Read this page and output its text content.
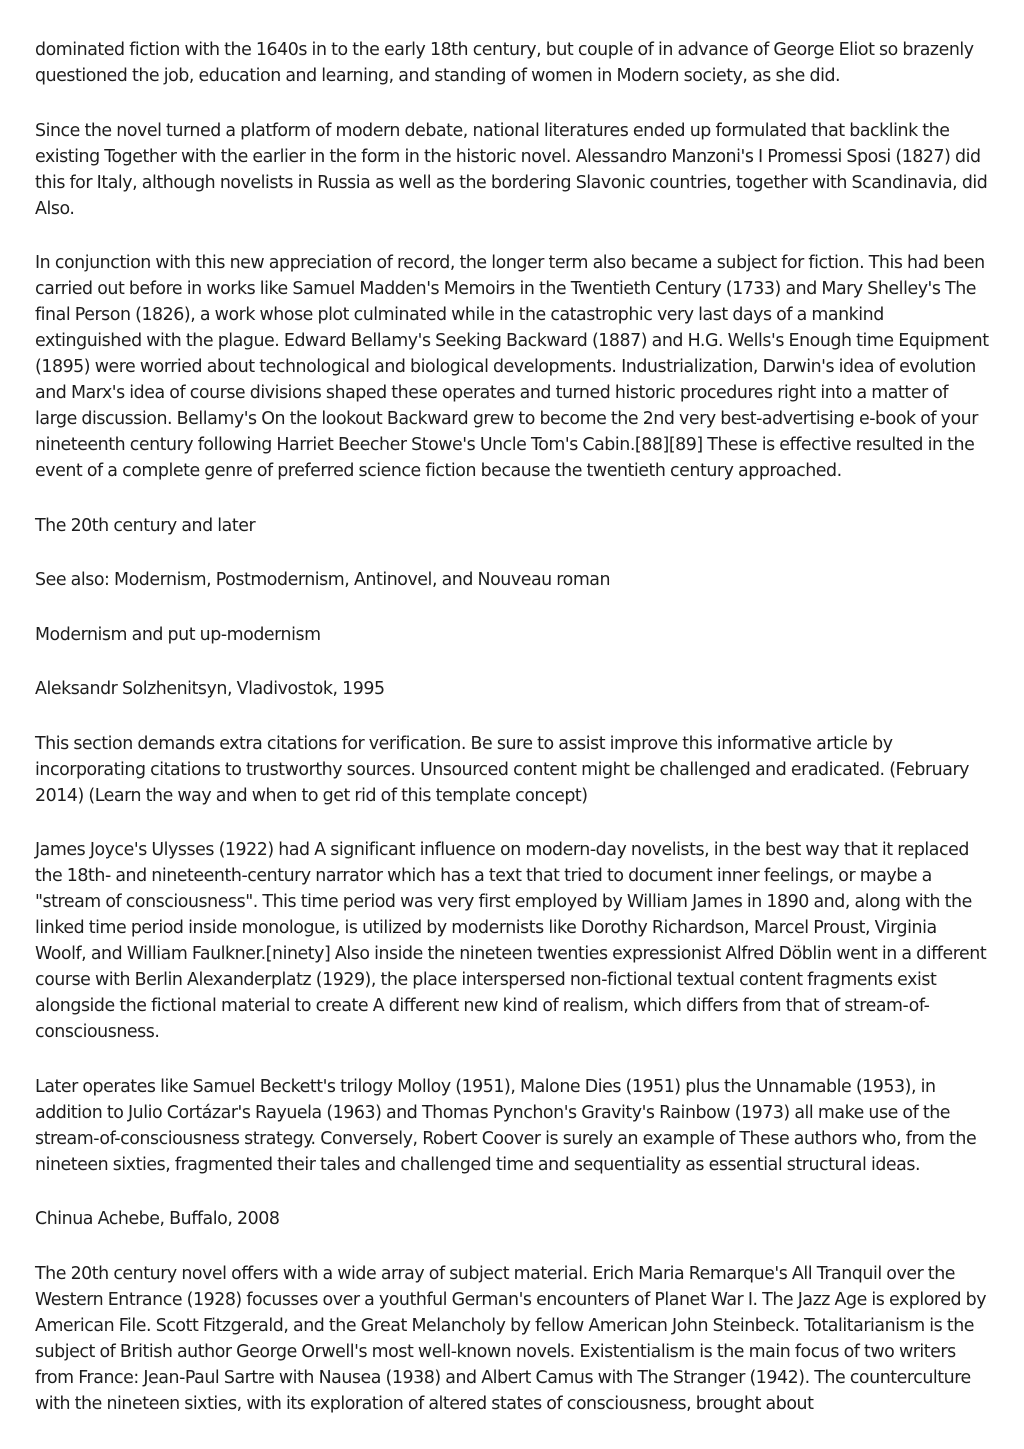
dominated fiction with the 1640s in to the early 18th century, but couple of in advance of George Eliot so brazenly questioned the job, education and learning, and standing of women in Modern society, as she did.

Since the novel turned a platform of modern debate, national literatures ended up formulated that backlink the existing Together with the earlier in the form in the historic novel. Alessandro Manzoni's I Promessi Sposi (1827) did this for Italy, although novelists in Russia as well as the bordering Slavonic countries, together with Scandinavia, did Also.

In conjunction with this new appreciation of record, the longer term also became a subject for fiction. This had been carried out before in works like Samuel Madden's Memoirs in the Twentieth Century (1733) and Mary Shelley's The final Person (1826), a work whose plot culminated while in the catastrophic very last days of a mankind extinguished with the plague. Edward Bellamy's Seeking Backward (1887) and H.G. Wells's Enough time Equipment (1895) were worried about technological and biological developments. Industrialization, Darwin's idea of evolution and Marx's idea of course divisions shaped these operates and turned historic procedures right into a matter of large discussion. Bellamy's On the lookout Backward grew to become the 2nd very best-advertising e-book of your nineteenth century following Harriet Beecher Stowe's Uncle Tom's Cabin.[88][89] These is effective resulted in the event of a complete genre of preferred science fiction because the twentieth century approached.

The 20th century and later

See also: Modernism, Postmodernism, Antinovel, and Nouveau roman

Modernism and put up-modernism

Aleksandr Solzhenitsyn, Vladivostok, 1995

This section demands extra citations for verification. Be sure to assist improve this informative article by incorporating citations to trustworthy sources. Unsourced content might be challenged and eradicated. (February 2014) (Learn the way and when to get rid of this template concept)

James Joyce's Ulysses (1922) had A significant influence on modern-day novelists, in the best way that it replaced the 18th- and nineteenth-century narrator which has a text that tried to document inner feelings, or maybe a "stream of consciousness". This time period was very first employed by William James in 1890 and, along with the linked time period inside monologue, is utilized by modernists like Dorothy Richardson, Marcel Proust, Virginia Woolf, and William Faulkner.[ninety] Also inside the nineteen twenties expressionist Alfred Döblin went in a different course with Berlin Alexanderplatz (1929), the place interspersed non-fictional textual content fragments exist alongside the fictional material to create A different new kind of realism, which differs from that of stream-of-consciousness.

Later operates like Samuel Beckett's trilogy Molloy (1951), Malone Dies (1951) plus the Unnamable (1953), in addition to Julio Cortázar's Rayuela (1963) and Thomas Pynchon's Gravity's Rainbow (1973) all make use of the stream-of-consciousness strategy. Conversely, Robert Coover is surely an example of These authors who, from the nineteen sixties, fragmented their tales and challenged time and sequentiality as essential structural ideas.

Chinua Achebe, Buffalo, 2008

The 20th century novel offers with a wide array of subject material. Erich Maria Remarque's All Tranquil over the Western Entrance (1928) focusses over a youthful German's encounters of Planet War I. The Jazz Age is explored by American File. Scott Fitzgerald, and the Great Melancholy by fellow American John Steinbeck. Totalitarianism is the subject of British author George Orwell's most well-known novels. Existentialism is the main focus of two writers from France: Jean-Paul Sartre with Nausea (1938) and Albert Camus with The Stranger (1942). The counterculture with the nineteen sixties, with its exploration of altered states of consciousness, brought about
